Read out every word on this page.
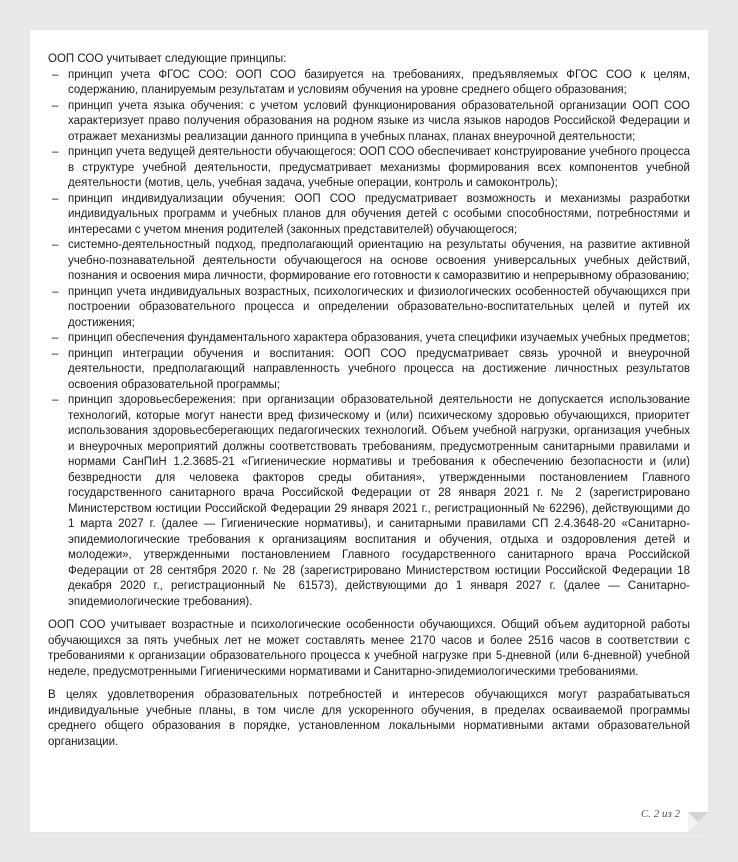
ООП СОО учитывает следующие принципы:

– принцип учета ФГОС СОО: ООП СОО базируется на требованиях, предъявляемых ФГОС СОО к целям, содержанию, планируемым результатам и условиям обучения на уровне среднего общего образования;
– принцип учета языка обучения: с учетом условий функционирования образовательной организации ООП СОО характеризует право получения образования на родном языке из числа языков народов Российской Федерации и отражает механизмы реализации данного принципа в учебных планах, планах внеурочной деятельности;
– принцип учета ведущей деятельности обучающегося: ООП СОО обеспечивает конструирование учебного процесса в структуре учебной деятельности, предусматривает механизмы формирования всех компонентов учебной деятельности (мотив, цель, учебная задача, учебные операции, контроль и самоконтроль);
– принцип индивидуализации обучения: ООП СОО предусматривает возможность и механизмы разработки индивидуальных программ и учебных планов для обучения детей с особыми способностями, потребностями и интересами с учетом мнения родителей (законных представителей) обучающегося;
– системно-деятельностный подход, предполагающий ориентацию на результаты обучения, на развитие активной учебно-познавательной деятельности обучающегося на основе освоения универсальных учебных действий, познания и освоения мира личности, формирование его готовности к саморазвитию и непрерывному образованию;
– принцип учета индивидуальных возрастных, психологических и физиологических особенностей обучающихся при построении образовательного процесса и определении образовательно-воспитательных целей и путей их достижения;
– принцип обеспечения фундаментального характера образования, учета специфики изучаемых учебных предметов;
– принцип интеграции обучения и воспитания: ООП СОО предусматривает связь урочной и внеурочной деятельности, предполагающий направленность учебного процесса на достижение личностных результатов освоения образовательной программы;
– принцип здоровьесбережения: при организации образовательной деятельности не допускается использование технологий, которые могут нанести вред физическому и (или) психическому здоровью обучающихся, приоритет использования здоровьесберегающих педагогических технологий. Объем учебной нагрузки, организация учебных и внеурочных мероприятий должны соответствовать требованиям, предусмотренным санитарными правилами и нормами СанПиН 1.2.3685-21 «Гигиенические нормативы и требования к обеспечению безопасности и (или) безвредности для человека факторов среды обитания», утвержденными постановлением Главного государственного санитарного врача Российской Федерации от 28 января 2021 г. № 2 (зарегистрировано Министерством юстиции Российской Федерации 29 января 2021 г., регистрационный № 62296), действующими до 1 марта 2027 г. (далее — Гигиенические нормативы), и санитарными правилами СП 2.4.3648-20 «Санитарно-эпидемиологические требования к организациям воспитания и обучения, отдыха и оздоровления детей и молодежи», утвержденными постановлением Главного государственного санитарного врача Российской Федерации от 28 сентября 2020 г. № 28 (зарегистрировано Министерством юстиции Российской Федерации 18 декабря 2020 г., регистрационный № 61573), действующими до 1 января 2027 г. (далее — Санитарно-эпидемиологические требования).

ООП СОО учитывает возрастные и психологические особенности обучающихся. Общий объем аудиторной работы обучающихся за пять учебных лет не может составлять менее 2170 часов и более 2516 часов в соответствии с требованиями к организации образовательного процесса к учебной нагрузке при 5-дневной (или 6-дневной) учебной неделе, предусмотренными Гигиеническими нормативами и Санитарно-эпидемиологическими требованиями.

В целях удовлетворения образовательных потребностей и интересов обучающихся могут разрабатываться индивидуальные учебные планы, в том числе для ускоренного обучения, в пределах осваиваемой программы среднего общего образования в порядке, установленном локальными нормативными актами образовательной организации.

С. 2 из 2
